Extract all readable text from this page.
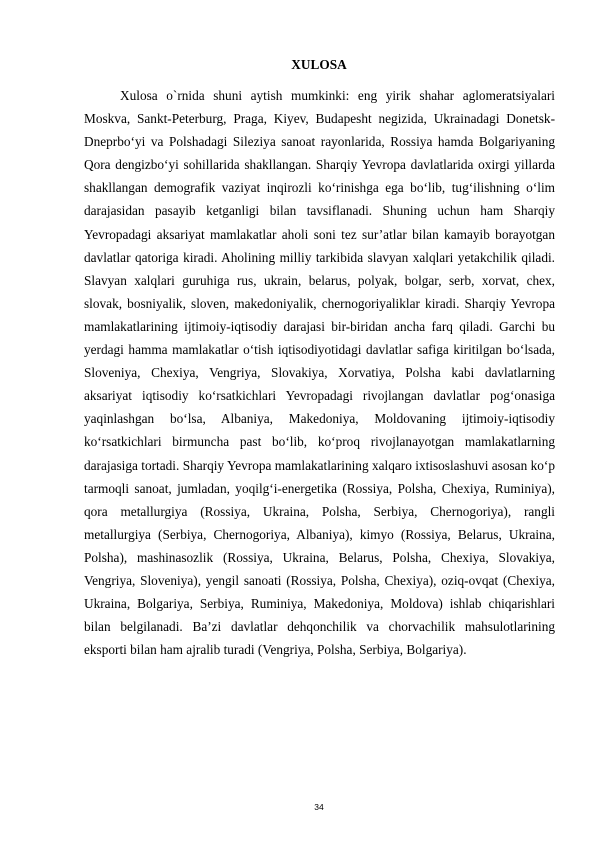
XULOSA

Xulosa o`rnida shuni aytish mumkinki: eng yirik shahar aglomeratsiyalari Moskva, Sankt-Peterburg, Praga, Kiyev, Budapesht negizida, Ukrainadagi Donetsk-Dneprbo‘yi va Polshadagi Sileziya sanoat rayonlarida, Rossiya hamda Bolgariyaning Qora dengizbo‘yi sohillarida shakllangan. Sharqiy Yevropa davlatlarida oxirgi yillarda shakllangan demografik vaziyat inqirozli ko‘rinishga ega bo‘lib, tug‘ilishning o‘lim darajasidan pasayib ketganligi bilan tavsiflanadi. Shuning uchun ham Sharqiy Yevropadagi aksariyat mamlakatlar aholi soni tez sur’atlar bilan kamayib borayotgan davlatlar qatoriga kiradi. Aholining milliy tarkibida slavyan xalqlari yetakchilik qiladi. Slavyan xalqlari guruhiga rus, ukrain, belarus, polyak, bolgar, serb, xorvat, chex, slovak, bosniyalik, sloven, makedoniyalik, chernogoriyaliklar kiradi. Sharqiy Yevropa mamlakatlarining ijtimoiy-iqtisodiy darajasi bir-biridan ancha farq qiladi. Garchi bu yerdagi hamma mamlakatlar o‘tish iqtisodiyotidagi davlatlar safiga kiritilgan bo‘lsada, Sloveniya, Chexiya, Vengriya, Slovakiya, Xorvatiya, Polsha kabi davlatlarning aksariyat iqtisodiy ko‘rsatkichlari Yevropadagi rivojlangan davlatlar pog‘onasiga yaqinlashgan bo‘lsa, Albaniya, Makedoniya, Moldovaning ijtimoiy-iqtisodiy ko‘rsatkichlari birmuncha past bo‘lib, ko‘proq rivojlanayotgan mamlakatlarning darajasiga tortadi. Sharqiy Yevropa mamlakatlarining xalqaro ixtisoslashuvi asosan ko‘p tarmoqli sanoat, jumladan, yoqilg‘i-energetika (Rossiya, Polsha, Chexiya, Ruminiya), qora metallurgiya (Rossiya, Ukraina, Polsha, Serbiya, Chernogoriya), rangli metallurgiya (Serbiya, Chernogoriya, Albaniya), kimyo (Rossiya, Belarus, Ukraina, Polsha), mashinasozlik (Rossiya, Ukraina, Belarus, Polsha, Chexiya, Slovakiya, Vengriya, Sloveniya), yengil sanoati (Rossiya, Polsha, Chexiya), oziq-ovqat (Chexiya, Ukraina, Bolgariya, Serbiya, Ruminiya, Makedoniya, Moldova) ishlab chiqarishlari bilan belgilanadi. Ba’zi davlatlar dehqonchilik va chorvachilik mahsulotlarining eksporti bilan ham ajralib turadi (Vengriya, Polsha, Serbiya, Bolgariya).

34
